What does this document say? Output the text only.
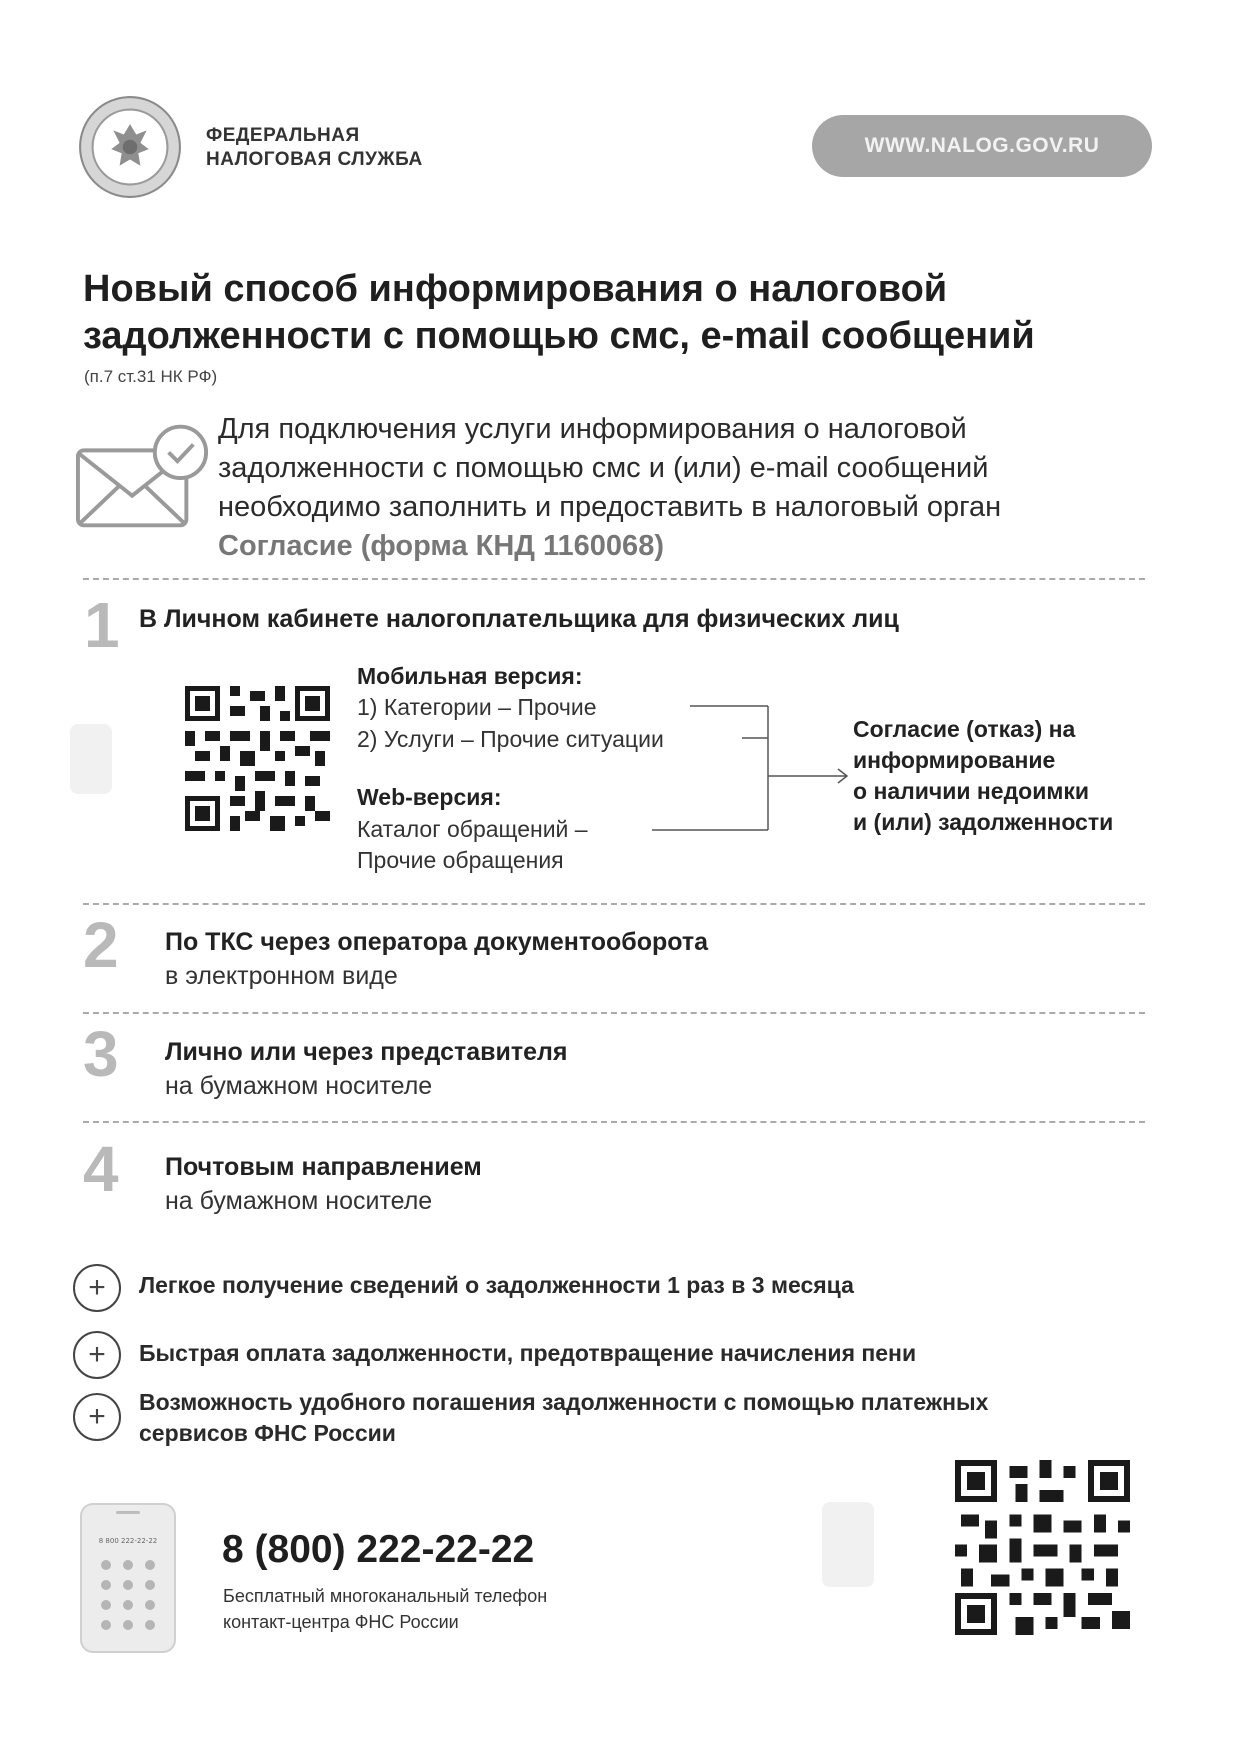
ФЕДЕРАЛЬНАЯ
НАЛОГОВАЯ СЛУЖБА
WWW.NALOG.GOV.RU
Новый способ информирования о налоговой
задолженности с помощью смс, e-mail сообщений
(п.7 ст.31 НК РФ)
Для подключения услуги информирования о налоговой
задолженности с помощью смс и (или) e-mail сообщений
необходимо заполнить и предоставить в налоговый орган
Согласие (форма КНД 1160068)
1 В Личном кабинете налогоплательщика для физических лиц
Мобильная версия:
1) Категории – Прочие
2) Услуги – Прочие ситуации
Web-версия:
Каталог обращений –
Прочие обращения
Согласие (отказ) на
информирование
о наличии недоимки
и (или) задолженности
2 По ТКС через оператора документооборота
в электронном виде
3 Лично или через представителя
на бумажном носителе
4 Почтовым направлением
на бумажном носителе
+	Легкое получение сведений о задолженности 1 раз в 3 месяца
+	Быстрая оплата задолженности, предотвращение начисления пени
+	Возможность удобного погашения задолженности с помощью платежных
сервисов ФНС России
8 800 222-22-22 8 (800) 222-22-22
Бесплатный многоканальный телефон
контакт-центра ФНС России
